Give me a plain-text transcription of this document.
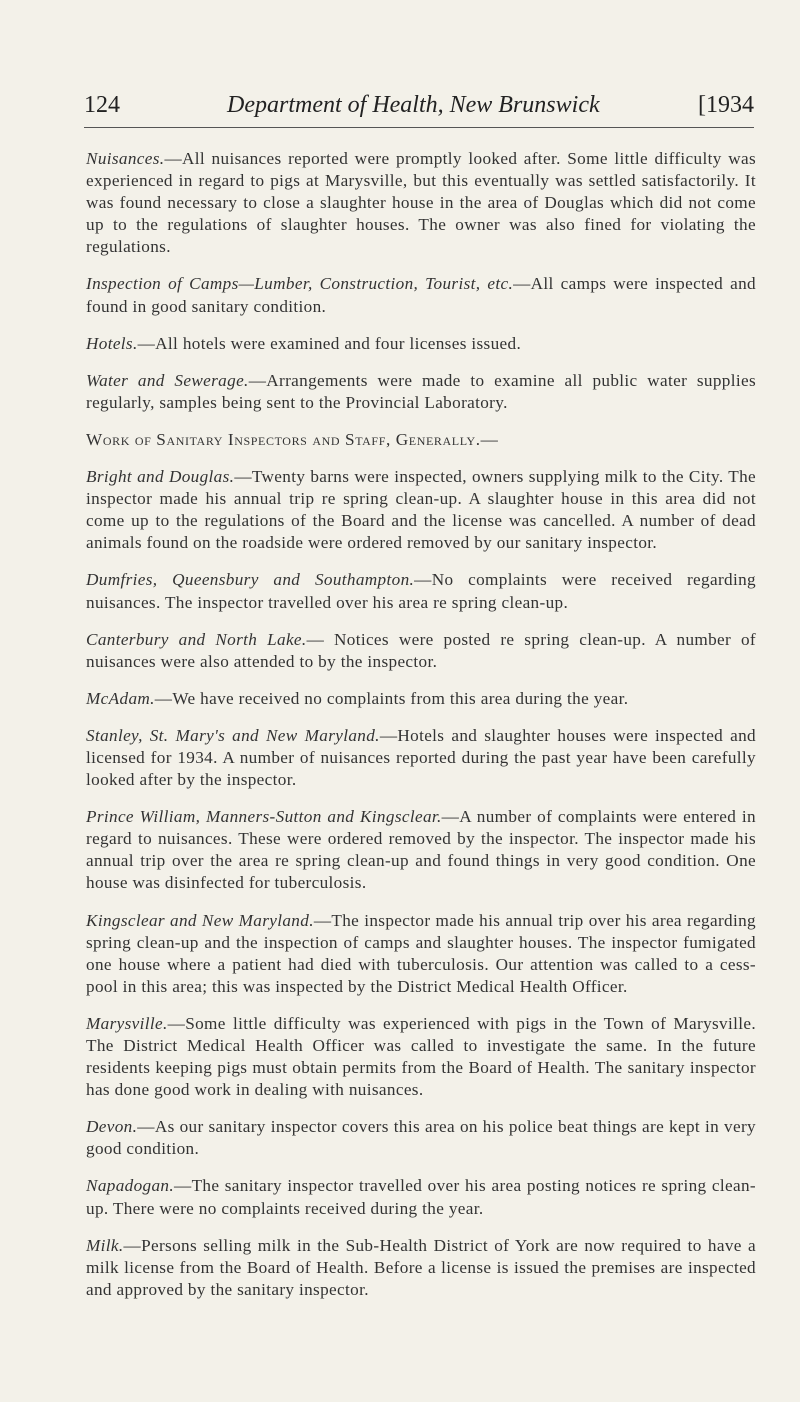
124	Department of Health, New Brunswick	[1934

Nuisances.—All nuisances reported were promptly looked after. Some little difficulty was experienced in regard to pigs at Marysville, but this eventually was settled satisfactorily. It was found necessary to close a slaughter house in the area of Douglas which did not come up to the regulations of slaughter houses. The owner was also fined for violating the regulations.

Inspection of Camps—Lumber, Construction, Tourist, etc.—All camps were inspected and found in good sanitary condition.

Hotels.—All hotels were examined and four licenses issued.

Water and Sewerage.—Arrangements were made to examine all public water supplies regularly, samples being sent to the Provincial Laboratory.

Work of Sanitary Inspectors and Staff, Generally.—

Bright and Douglas.—Twenty barns were inspected, owners supplying milk to the City. The inspector made his annual trip re spring clean-up. A slaughter house in this area did not come up to the regulations of the Board and the license was cancelled. A number of dead animals found on the roadside were ordered removed by our sanitary inspector.

Dumfries, Queensbury and Southampton.—No complaints were received regarding nuisances. The inspector travelled over his area re spring clean-up.

Canterbury and North Lake.— Notices were posted re spring clean-up. A number of nuisances were also attended to by the inspector.

McAdam.—We have received no complaints from this area during the year.

Stanley, St. Mary's and New Maryland.—Hotels and slaughter houses were inspected and licensed for 1934. A number of nuisances reported during the past year have been carefully looked after by the inspector.

Prince William, Manners-Sutton and Kingsclear.—A number of complaints were entered in regard to nuisances. These were ordered removed by the inspector. The inspector made his annual trip over the area re spring clean-up and found things in very good condition. One house was disinfected for tuberculosis.

Kingsclear and New Maryland.—The inspector made his annual trip over his area regarding spring clean-up and the inspection of camps and slaughter houses. The inspector fumigated one house where a patient had died with tuberculosis. Our attention was called to a cess-pool in this area; this was inspected by the District Medical Health Officer.

Marysville.—Some little difficulty was experienced with pigs in the Town of Marysville. The District Medical Health Officer was called to investigate the same. In the future residents keeping pigs must obtain permits from the Board of Health. The sanitary inspector has done good work in dealing with nuisances.

Devon.—As our sanitary inspector covers this area on his police beat things are kept in very good condition.

Napadogan.—The sanitary inspector travelled over his area posting notices re spring clean-up. There were no complaints received during the year.

Milk.—Persons selling milk in the Sub-Health District of York are now required to have a milk license from the Board of Health. Before a license is issued the premises are inspected and approved by the sanitary inspector.
